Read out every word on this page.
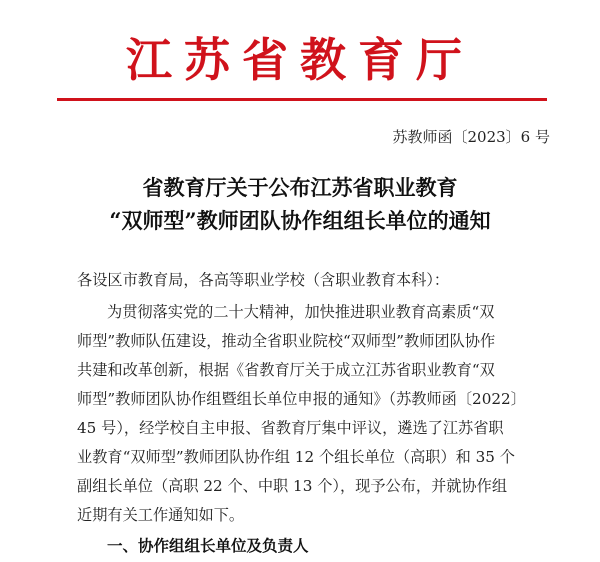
江苏省教育厅
苏教师函〔2023〕6 号
省教育厅关于公布江苏省职业教育
“双师型”教师团队协作组组长单位的通知
各设区市教育局，各高等职业学校（含职业教育本科）：
为贯彻落实党的二十大精神，加快推进职业教育高素质“双
师型”教师队伍建设，推动全省职业院校“双师型”教师团队协作
共建和改革创新，根据《省教育厅关于成立江苏省职业教育“双
师型”教师团队协作组暨组长单位申报的通知》（苏教师函〔2022〕
45 号），经学校自主申报、省教育厅集中评议，遴选了江苏省职
业教育“双师型”教师团队协作组 12 个组长单位（高职）和 35 个
副组长单位（高职 22 个、中职 13 个），现予公布，并就协作组
近期有关工作通知如下。
一、协作组组长单位及负责人
